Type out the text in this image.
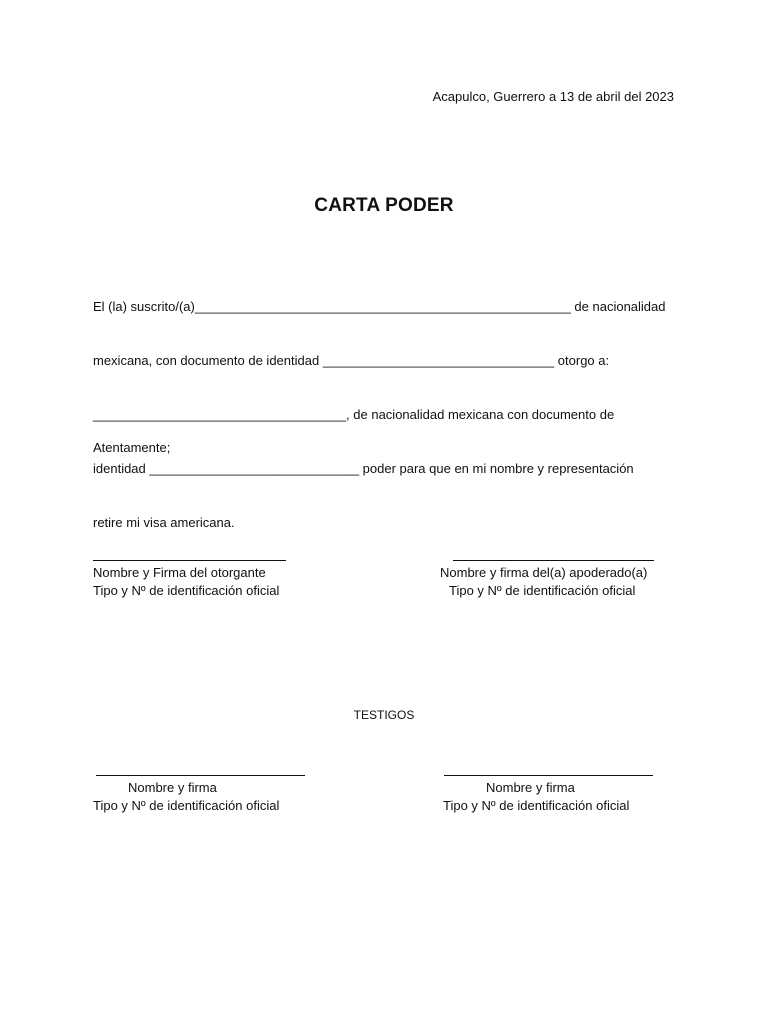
Acapulco, Guerrero a 13 de abril del 2023
CARTA PODER

El (la) suscrito/(a)____________________________________________________ de nacionalidad

mexicana, con documento de identidad ________________________________ otorgo a:

___________________________________, de nacionalidad mexicana con documento de

identidad _____________________________ poder para que en mi nombre y representación

retire mi visa americana.

Atentamente;
Nombre y Firma del otorgante
Tipo y Nº de identificación oficial
Nombre y firma del(a) apoderado(a)
Tipo y Nº de identificación oficial
TESTIGOS
Nombre y firma
Tipo y Nº de identificación oficial
Nombre y firma
Tipo y Nº de identificación oficial
